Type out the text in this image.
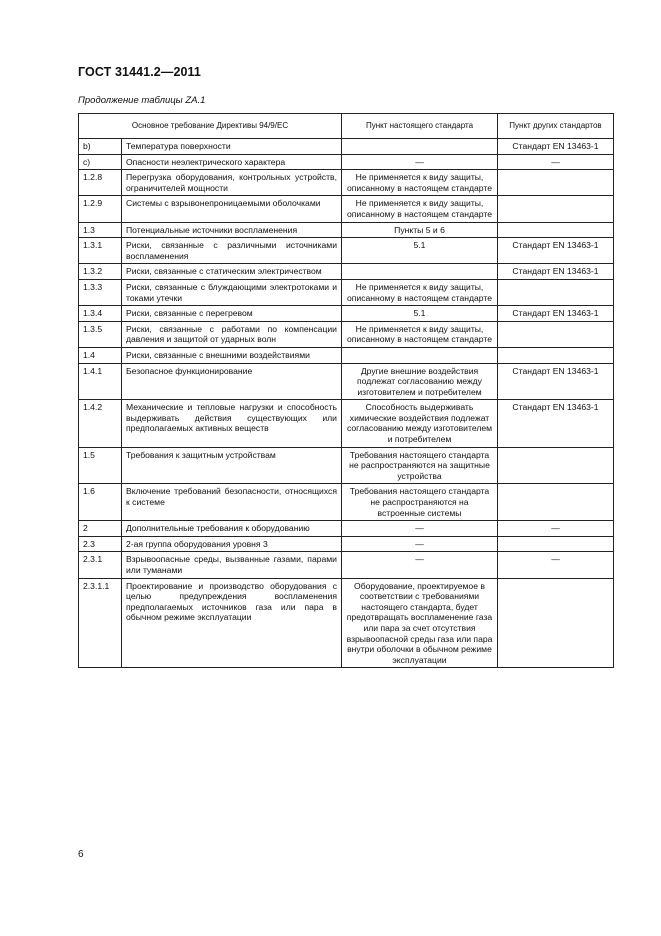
ГОСТ 31441.2—2011
Продолжение таблицы ZA.1
Основное требование Директивы 94/9/ЕС		Пункт настоящего стандарта	Пункт других стандартов
b)	Температура поверхности		Стандарт EN 13463-1
c)	Опасности неэлектрического характера	—	—
1.2.8	Перегрузка оборудования, контрольных устройств, ограничителей мощности	Не применяется к виду защиты, описанному в настоящем стандарте	
1.2.9	Системы с взрывонепроницаемыми оболочками	Не применяется к виду защиты, описанному в настоящем стандарте	
1.3	Потенциальные источники воспламенения	Пункты 5 и 6	
1.3.1	Риски, связанные с различными источниками воспламенения	5.1	Стандарт EN 13463-1
1.3.2	Риски, связанные с статическим электричеством		Стандарт EN 13463-1
1.3.3	Риски, связанные с блуждающими электротоками и токами утечки	Не применяется к виду защиты, описанному в настоящем стандарте	
1.3.4	Риски, связанные с перегревом	5.1	Стандарт EN 13463-1
1.3.5	Риски, связанные с работами по компенсации давления и защитой от ударных волн	Не применяется к виду защиты, описанному в настоящем стандарте	
1.4	Риски, связанные с внешними воздействиями		
1.4.1	Безопасное функционирование	Другие внешние воздействия подлежат согласованию между изготовителем и потребителем	Стандарт EN 13463-1
1.4.2	Механические и тепловые нагрузки и способность выдерживать действия существующих или предполагаемых активных веществ	Способность выдерживать химические воздействия подлежат согласованию между изготовителем и потребителем	Стандарт EN 13463-1
1.5	Требования к защитным устройствам	Требования настоящего стандарта не распространяются на защитные устройства	
1.6	Включение требований безопасности, относящихся к системе	Требования настоящего стандарта не распространяются на встроенные системы	
2	Дополнительные требования к оборудованию	—	—
2.3	2-ая группа оборудования уровня 3	—	
2.3.1	Взрывоопасные среды, вызванные газами, парами или туманами	—	—
2.3.1.1	Проектирование и производство оборудования с целью предупреждения воспламенения предполагаемых источников газа или пара в обычном режиме эксплуатации	Оборудование, проектируемое в соответствии с требованиями настоящего стандарта, будет предотвращать воспламенение газа или пара за счет отсутствия взрывоопасной среды газа или пара внутри оболочки в обычном режиме эксплуатации	
6
